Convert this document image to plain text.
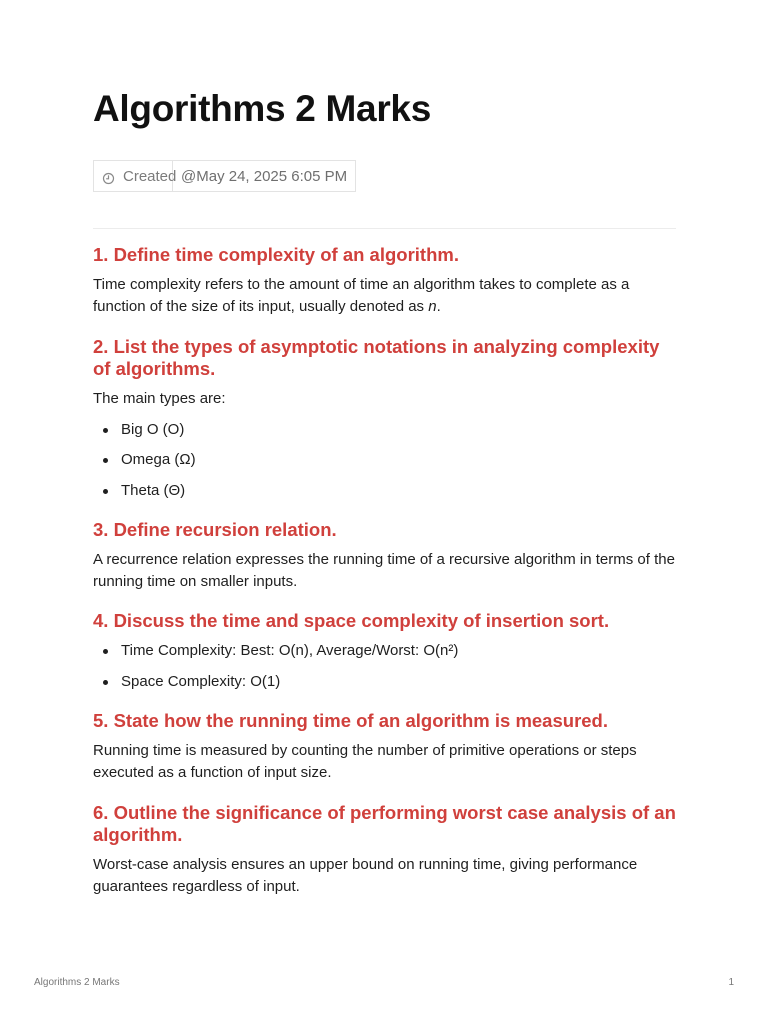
Algorithms 2 Marks
Created @May 24, 2025 6:05 PM
1. Define time complexity of an algorithm.

Time complexity refers to the amount of time an algorithm takes to complete as a function of the size of its input, usually denoted as n.

2. List the types of asymptotic notations in analyzing complexity of algorithms.

The main types are:

Big O (O)
Omega (Ω)
Theta (Θ)
3. Define recursion relation.

A recurrence relation expresses the running time of a recursive algorithm in terms of the running time on smaller inputs.

4. Discuss the time and space complexity of insertion sort.
Time Complexity: Best: O(n), Average/Worst: O(n²)
Space Complexity: O(1)
5. State how the running time of an algorithm is measured.

Running time is measured by counting the number of primitive operations or steps executed as a function of input size.

6. Outline the significance of performing worst case analysis of an algorithm.

Worst-case analysis ensures an upper bound on running time, giving performance guarantees regardless of input.

Algorithms 2 Marks	1
